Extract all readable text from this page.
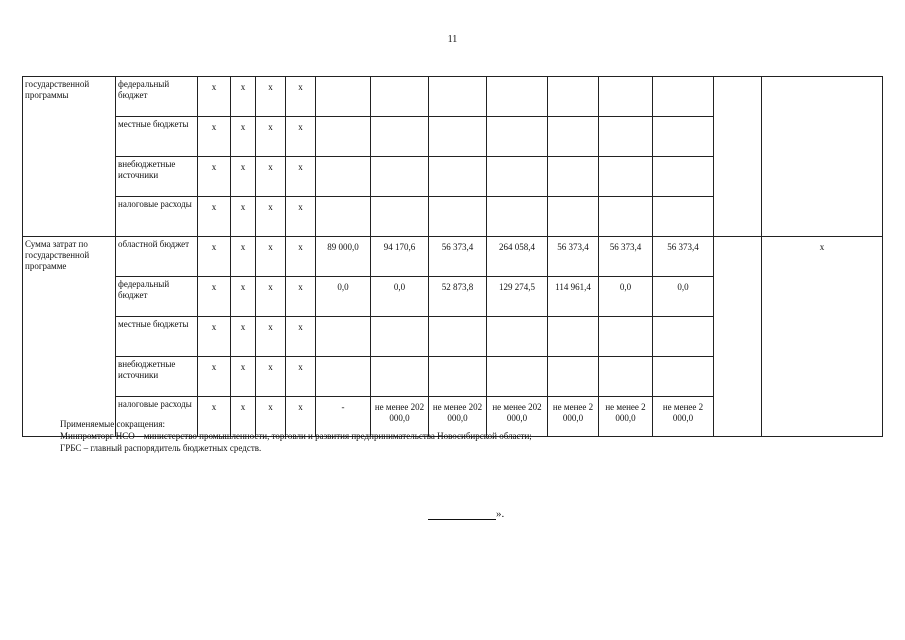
11
государственной программы	федеральный бюджет	х	х	х	х									
	местные бюджеты	х	х	х	х									
	внебюджетные источники	х	х	х	х									
	налоговые расходы	х	х	х	х									
Сумма затрат по государственной программе	областной бюджет	х	х	х	х	89 000,0	94 170,6	56 373,4	264 058,4	56 373,4	56 373,4	56 373,4		х
	федеральный бюджет	х	х	х	х	0,0	0,0	52 873,8	129 274,5	114 961,4	0,0	0,0		
	местные бюджеты	х	х	х	х									
	внебюджетные источники	х	х	х	х									
	налоговые расходы	х	х	х	х	-	не менее 202 000,0	не менее 202 000,0	не менее 202 000,0	не менее 2 000,0	не менее 2 000,0	не менее 2 000,0		
Применяемые сокращения:
Минпромторг НСО – министерство промышленности, торговли и развития предпринимательства Новосибирской области;
ГРБС – главный распорядитель бюджетных средств.
».
